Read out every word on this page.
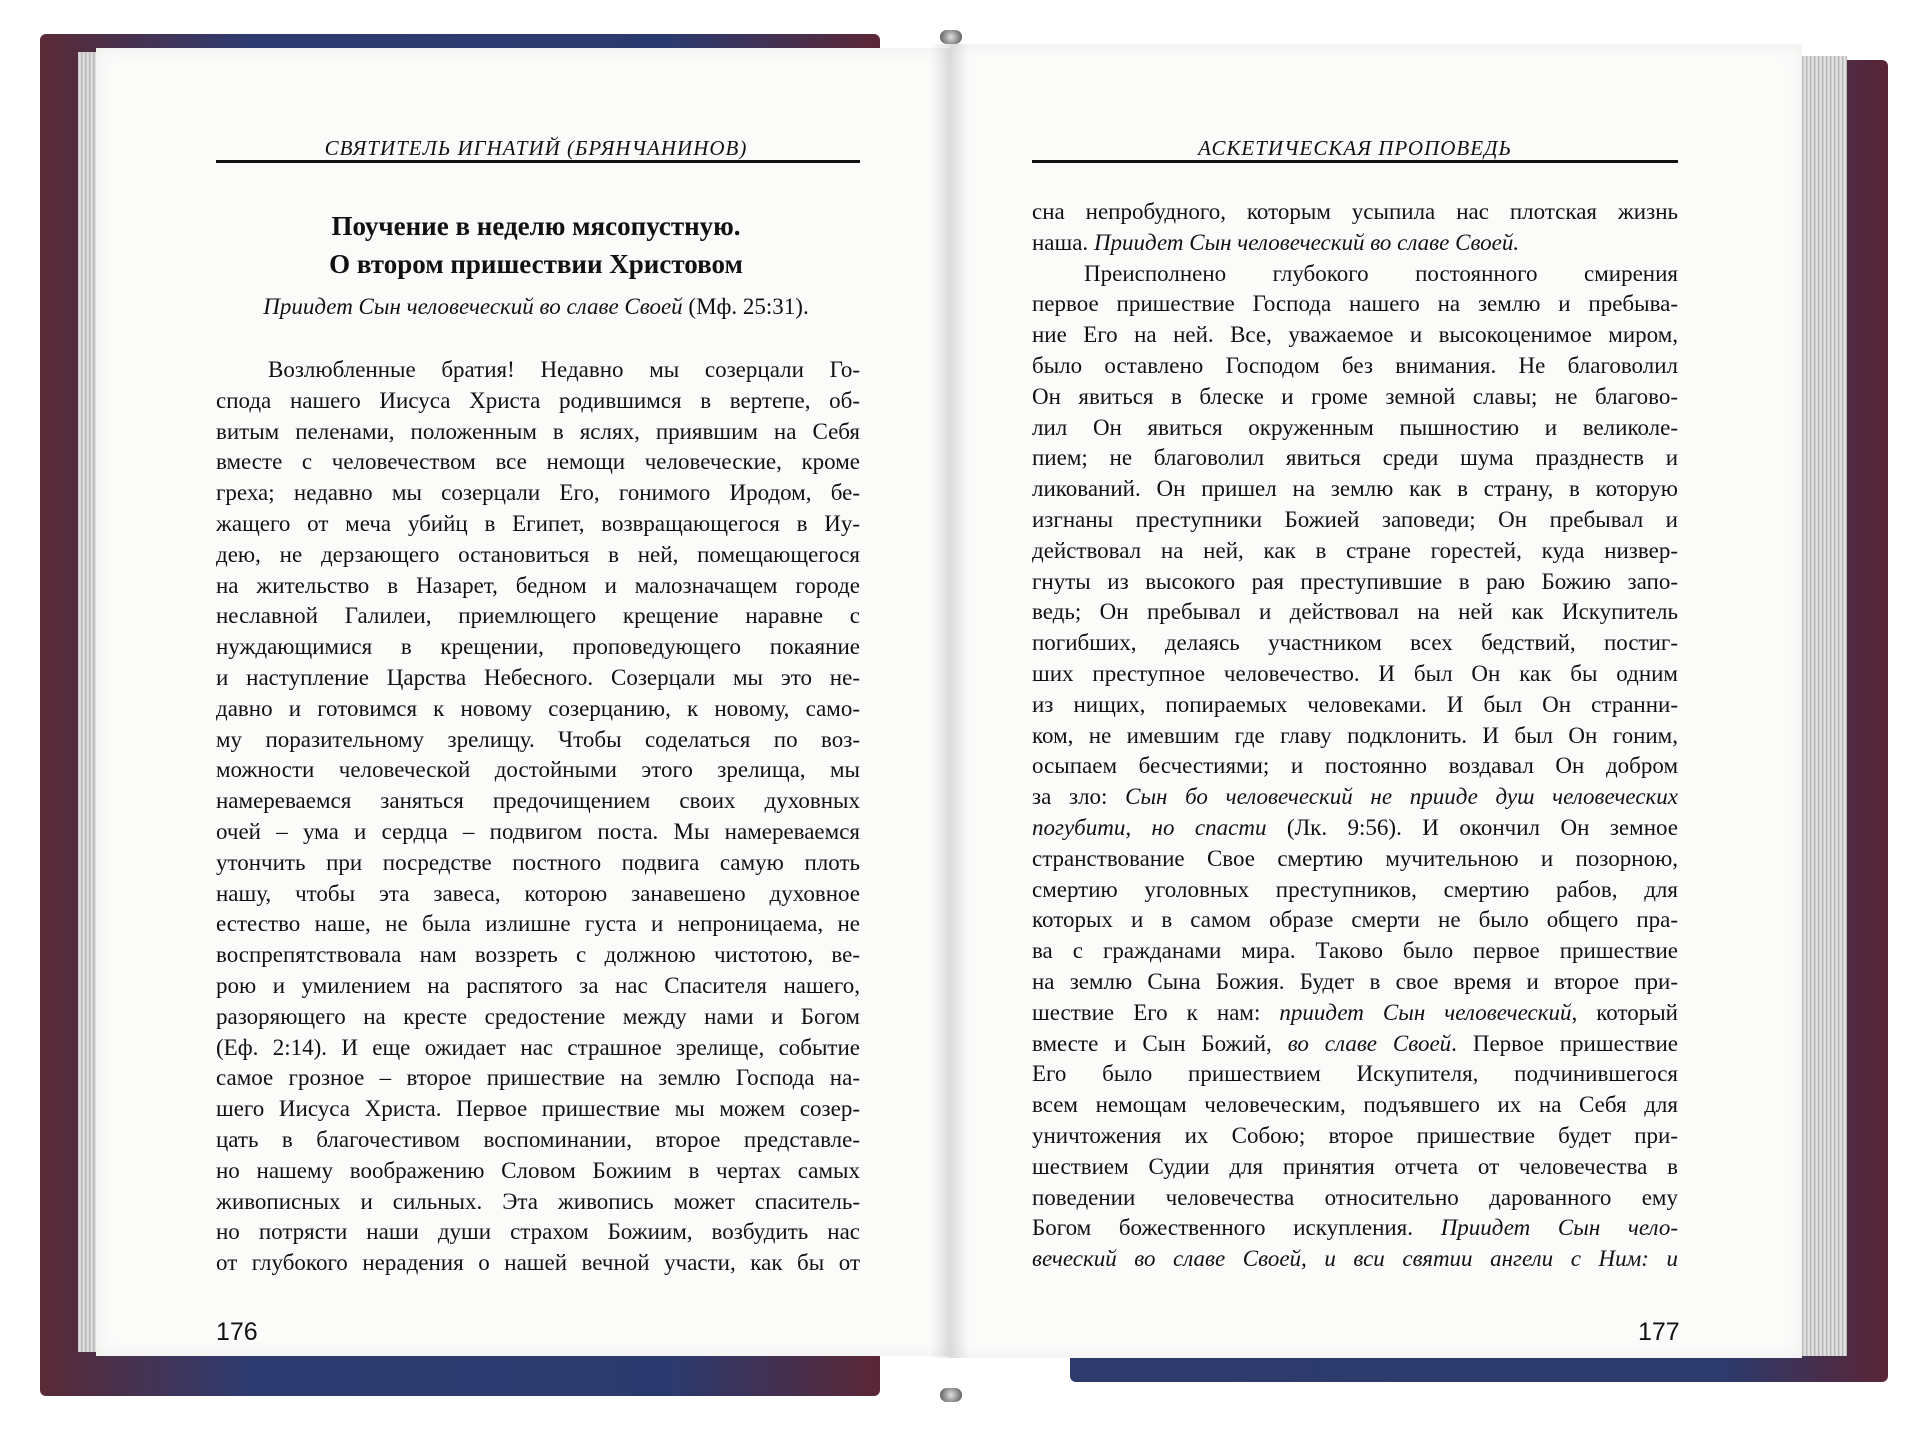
СВЯТИТЕЛЬ ИГНАТИЙ (БРЯНЧАНИНОВ)
Поучение в неделю мясопустную.
О втором пришествии Христовом
Приидет Сын человеческий во славе Своей (Мф. 25:31).
Возлюбленные братия! Недавно мы созерцали Го-
спода нашего Иисуса Христа родившимся в вертепе, об-
витым пеленами, положенным в яслях, приявшим на Себя
вместе с человечеством все немощи человеческие, кроме
греха; недавно мы созерцали Его, гонимого Иродом, бе-
жащего от меча убийц в Египет, возвращающегося в Иу-
дею, не дерзающего остановиться в ней, помещающегося
на жительство в Назарет, бедном и малозначащем городе
неславной Галилеи, приемлющего крещение наравне с
нуждающимися в крещении, проповедующего покаяние
и наступление Царства Небесного. Созерцали мы это не-
давно и готовимся к новому созерцанию, к новому, само-
му поразительному зрелищу. Чтобы соделаться по воз-
можности человеческой достойными этого зрелища, мы
намереваемся заняться предочищением своих духовных
очей – ума и сердца – подвигом поста. Мы намереваемся
утончить при посредстве постного подвига самую плоть
нашу, чтобы эта завеса, которою занавешено духовное
естество наше, не была излишне густа и непроницаема, не
воспрепятствовала нам воззреть с должною чистотою, ве-
рою и умилением на распятого за нас Спасителя нашего,
разоряющего на кресте средостение между нами и Богом
(Еф. 2:14). И еще ожидает нас страшное зрелище, событие
самое грозное – второе пришествие на землю Господа на-
шего Иисуса Христа. Первое пришествие мы можем созер-
цать в благочестивом воспоминании, второе представле-
но нашему воображению Словом Божиим в чертах самых
живописных и сильных. Эта живопись может спаситель-
но потрясти наши души страхом Божиим, возбудить нас
от глубокого нерадения о нашей вечной участи, как бы от
176
АСКЕТИЧЕСКАЯ ПРОПОВЕДЬ
сна непробудного, которым усыпила нас плотская жизнь
наша. Приидет Сын человеческий во славе Своей.
Преисполнено глубокого постоянного смирения
первое пришествие Господа нашего на землю и пребыва-
ние Его на ней. Все, уважаемое и высокоценимое миром,
было оставлено Господом без внимания. Не благоволил
Он явиться в блеске и громе земной славы; не благово-
лил Он явиться окруженным пышностию и великоле-
пием; не благоволил явиться среди шума празднеств и
ликований. Он пришел на землю как в страну, в которую
изгнаны преступники Божией заповеди; Он пребывал и
действовал на ней, как в стране горестей, куда низвер-
гнуты из высокого рая преступившие в раю Божию запо-
ведь; Он пребывал и действовал на ней как Искупитель
погибших, делаясь участником всех бедствий, постиг-
ших преступное человечество. И был Он как бы одним
из нищих, попираемых человеками. И был Он странни-
ком, не имевшим где главу подклонить. И был Он гоним,
осыпаем бесчестиями; и постоянно воздавал Он добром
за зло: Сын бо человеческий не прииде душ человеческих
погубити, но спасти (Лк. 9:56). И окончил Он земное
странствование Свое смертию мучительною и позорною,
смертию уголовных преступников, смертию рабов, для
которых и в самом образе смерти не было общего пра-
ва с гражданами мира. Таково было первое пришествие
на землю Сына Божия. Будет в свое время и второе при-
шествие Его к нам: приидет Сын человеческий, который
вместе и Сын Божий, во славе Своей. Первое пришествие
Его было пришествием Искупителя, подчинившегося
всем немощам человеческим, подъявшего их на Себя для
уничтожения их Собою; второе пришествие будет при-
шествием Судии для принятия отчета от человечества в
поведении человечества относительно дарованного ему
Богом божественного искупления. Приидет Сын чело-
веческий во славе Своей, и вси святии ангели с Ним: и
177
